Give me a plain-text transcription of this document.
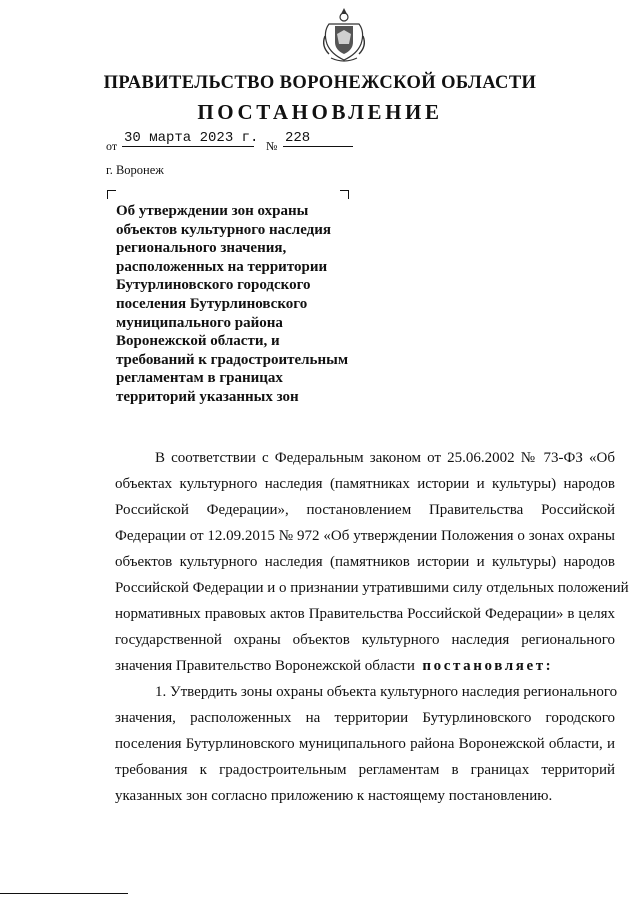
ПРАВИТЕЛЬСТВО ВОРОНЕЖСКОЙ ОБЛАСТИ
ПОСТАНОВЛЕНИЕ
от 30 марта 2023 г. № 228
г. Воронеж
Об утверждении зон охраны
объектов культурного наследия
регионального значения,
расположенных на территории
Бутурлиновского городского
поселения Бутурлиновского
муниципального района
Воронежской области, и
требований к градостроительным
регламентам в границах
территорий указанных зон
В соответствии с Федеральным законом от 25.06.2002 № 73-ФЗ «Об
объектах культурного наследия (памятниках истории и культуры) народов
Российской Федерации», постановлением Правительства Российской
Федерации от 12.09.2015 № 972 «Об утверждении Положения о зонах охраны
объектов культурного наследия (памятников истории и культуры) народов
Российской Федерации и о признании утратившими силу отдельных положений
нормативных правовых актов Правительства Российской Федерации» в целях
государственной охраны объектов культурного наследия регионального
значения Правительство Воронежской области постановляет:
1. Утвердить зоны охраны объекта культурного наследия регионального
значения, расположенных на территории Бутурлиновского городского
поселения Бутурлиновского муниципального района Воронежской области, и
требования к градостроительным регламентам в границах территорий
указанных зон согласно приложению к настоящему постановлению.
